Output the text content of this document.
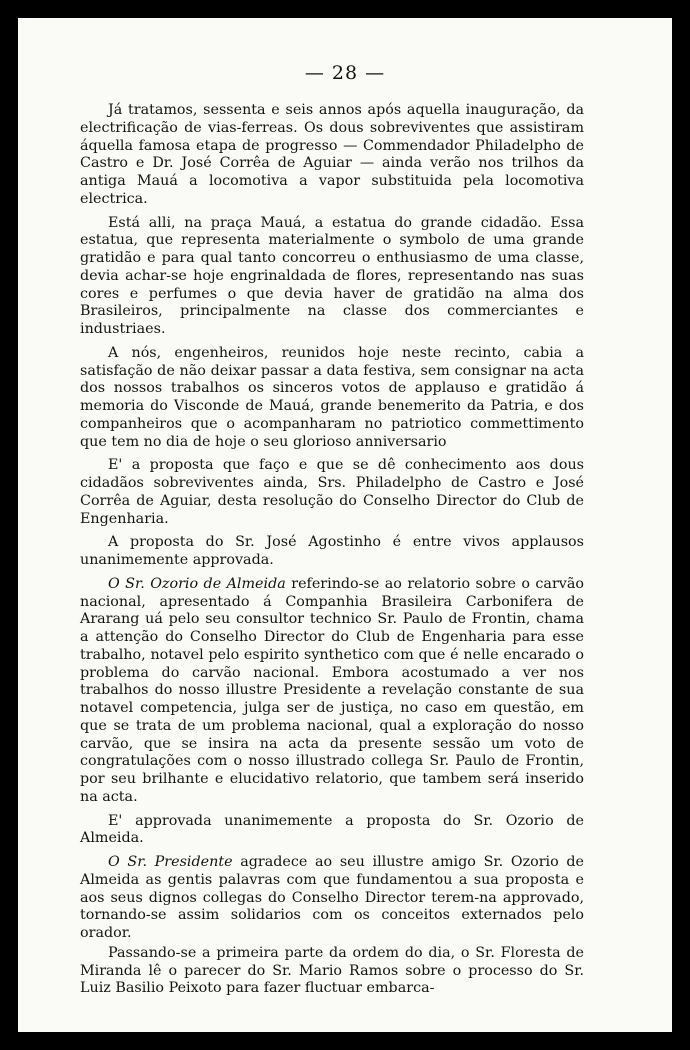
— 28 —

Já tratamos, sessenta e seis annos após aquella inauguração, da electrificação de vias-ferreas. Os dous sobreviventes que assistiram áquella famosa etapa de progresso — Commendador Philadelpho de Castro e Dr. José Corrêa de Aguiar — ainda verão nos trilhos da antiga Mauá a locomotiva a vapor substituida pela locomotiva electrica.

Está alli, na praça Mauá, a estatua do grande cidadão. Essa estatua, que representa materialmente o symbolo de uma grande gratidão e para qual tanto concorreu o enthusiasmo de uma classe, devia achar-se hoje engrinaldada de flores, representando nas suas cores e perfumes o que devia haver de gratidão na alma dos Brasileiros, principalmente na classe dos commerciantes e industriaes.

A nós, engenheiros, reunidos hoje neste recinto, cabia a satisfação de não deixar passar a data festiva, sem consignar na acta dos nossos trabalhos os sinceros votos de applauso e gratidão á memoria do Visconde de Mauá, grande benemerito da Patria, e dos companheiros que o acompanharam no patriotico commettimento que tem no dia de hoje o seu glorioso anniversario

E' a proposta que faço e que se dê conhecimento aos dous cidadãos sobreviventes ainda, Srs. Philadelpho de Castro e José Corrêa de Aguiar, desta resolução do Conselho Director do Club de Engenharia.

A proposta do Sr. José Agostinho é entre vivos applausos unanimemente approvada.

O Sr. Ozorio de Almeida referindo-se ao relatorio sobre o carvão nacional, apresentado á Companhia Brasileira Carbonifera de Ararang uá pelo seu consultor technico Sr. Paulo de Frontin, chama a attenção do Conselho Director do Club de Engenharia para esse trabalho, notavel pelo espirito synthetico com que é nelle encarado o problema do carvão nacional. Embora acostumado a ver nos trabalhos do nosso illustre Presidente a revelação constante de sua notavel competencia, julga ser de justiça, no caso em questão, em que se trata de um problema nacional, qual a exploração do nosso carvão, que se insira na acta da presente sessão um voto de congratulações com o nosso illustrado collega Sr. Paulo de Frontin, por seu brilhante e elucidativo relatorio, que tambem será inserido na acta.

E' approvada unanimemente a proposta do Sr. Ozorio de Almeida.

O Sr. Presidente agradece ao seu illustre amigo Sr. Ozorio de Almeida as gentis palavras com que fundamentou a sua proposta e aos seus dignos collegas do Conselho Director terem-na approvado, tornando-se assim solidarios com os conceitos externados pelo orador.

Passando-se a primeira parte da ordem do dia, o Sr. Floresta de Miranda lê o parecer do Sr. Mario Ramos sobre o processo do Sr. Luiz Basilio Peixoto para fazer fluctuar embarca-
